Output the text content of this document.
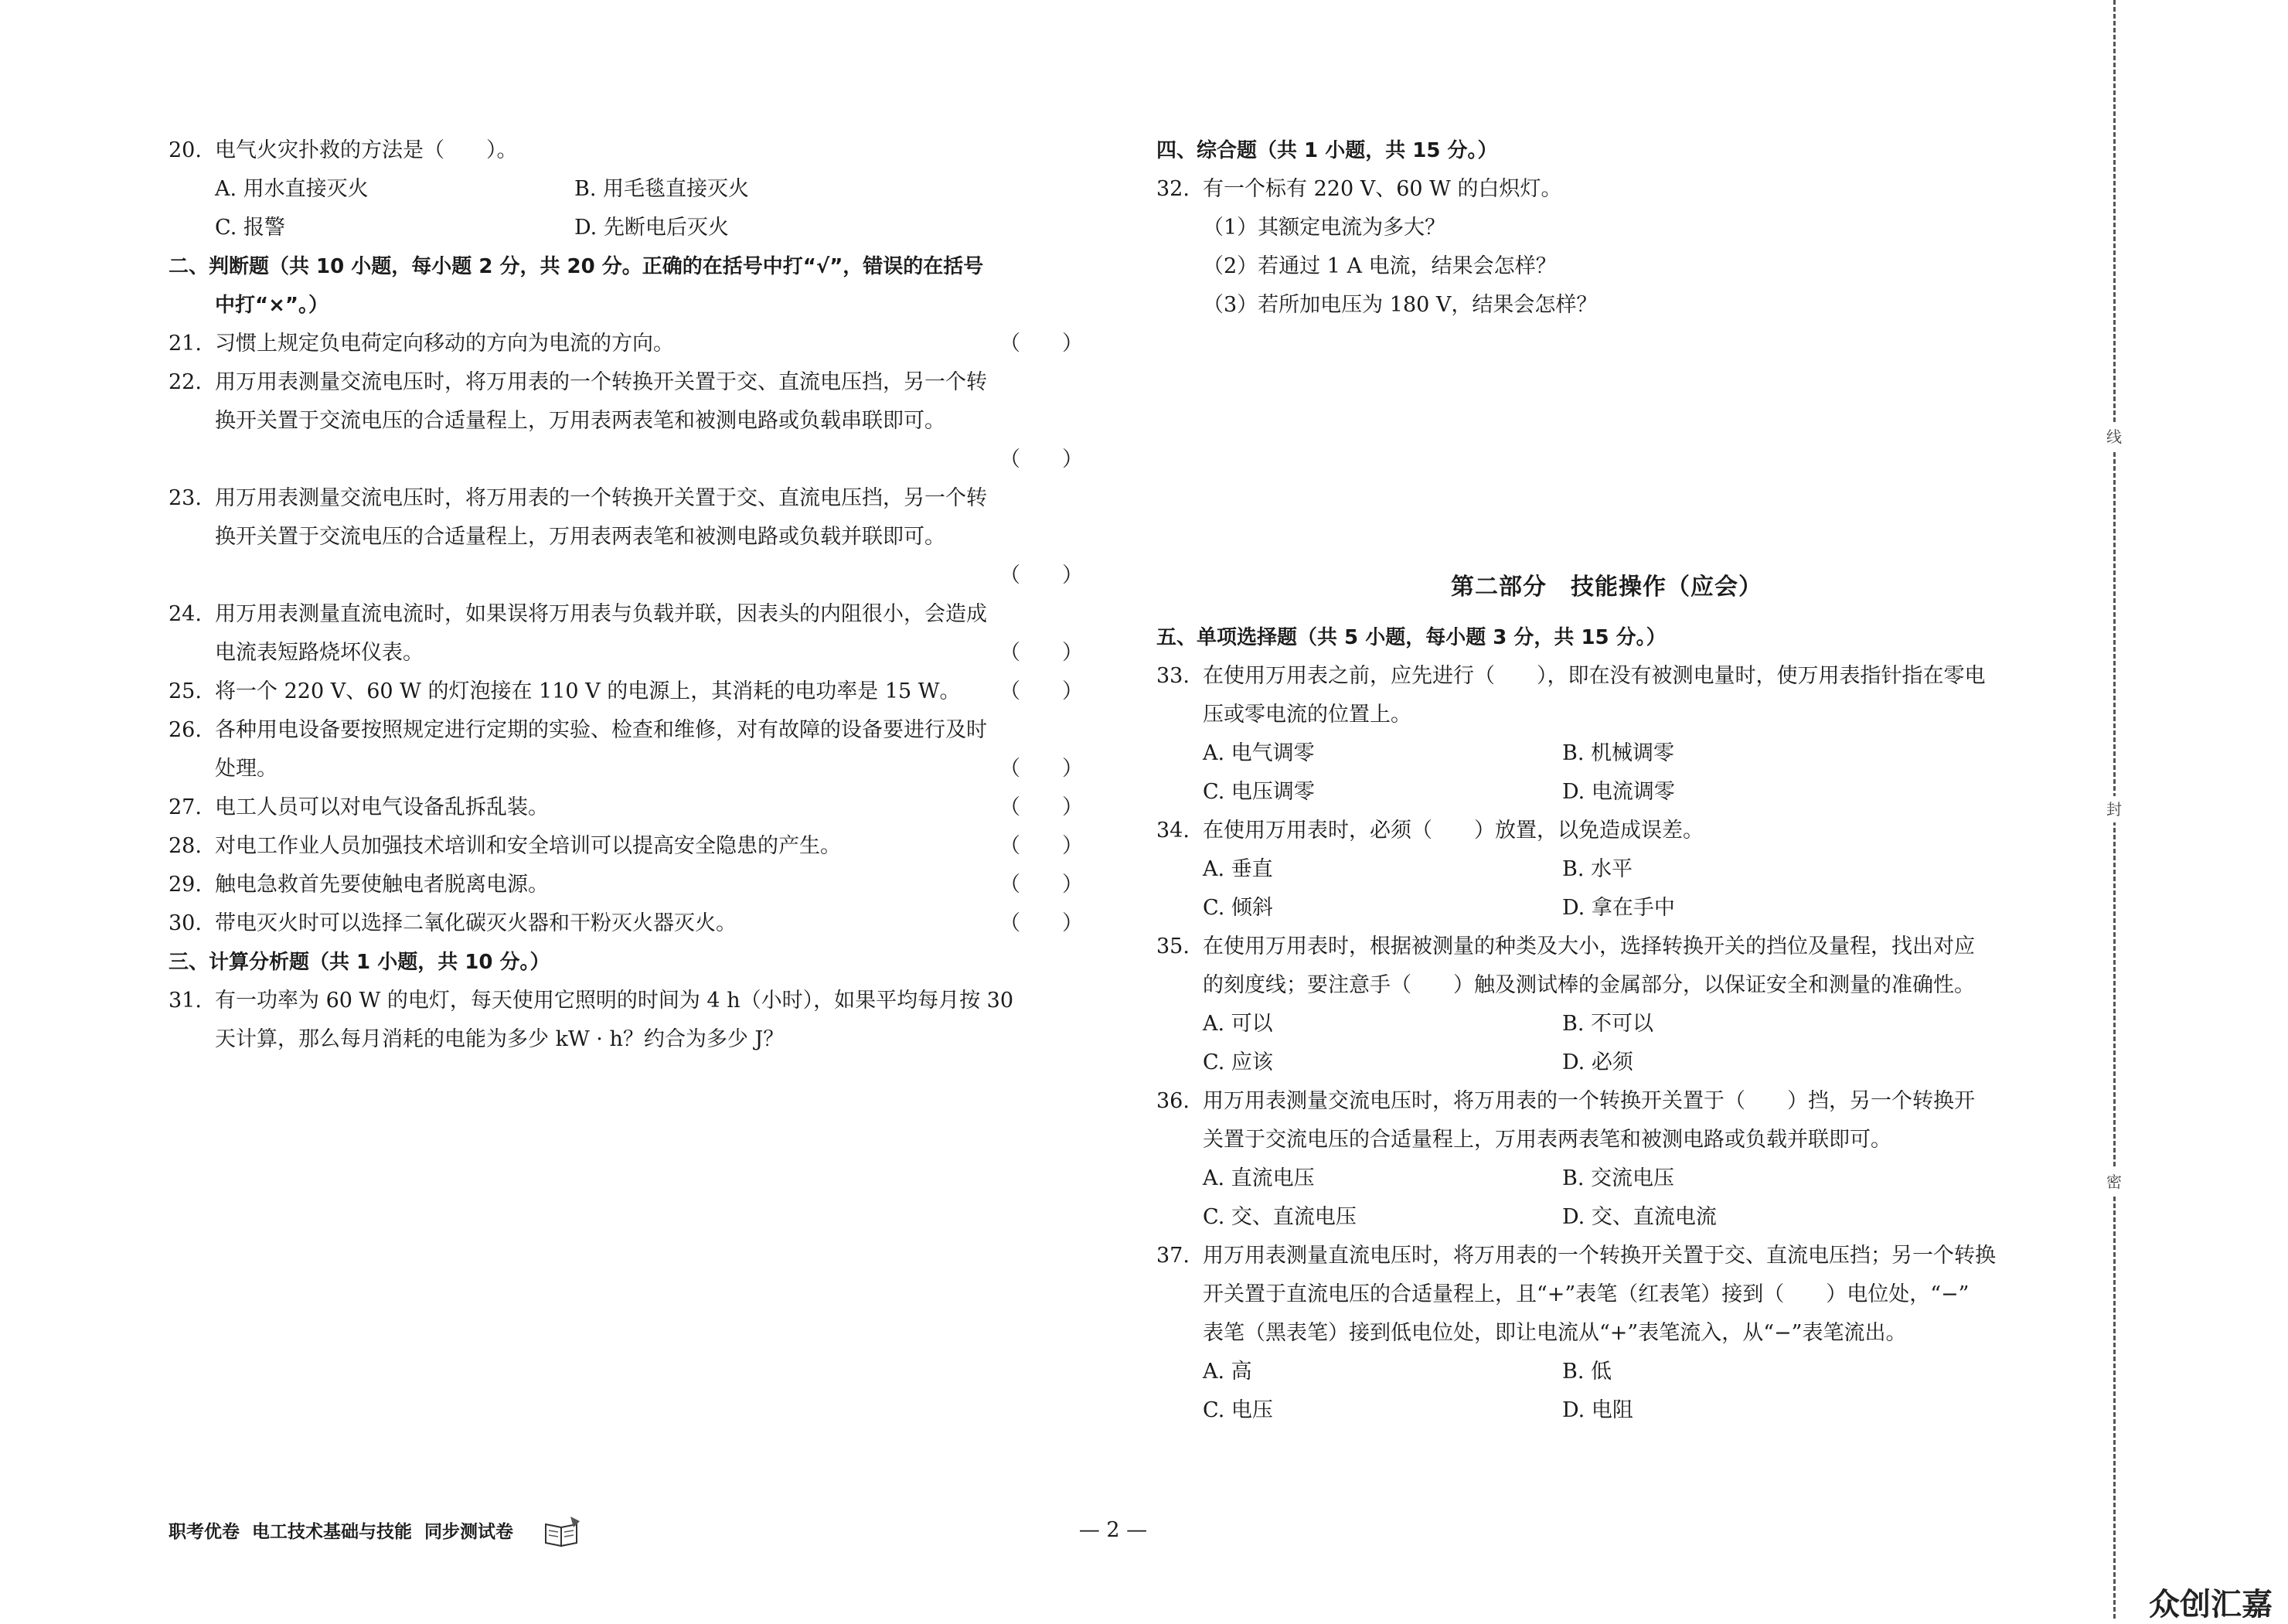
20. 电气火灾扑救的方法是（　　）。
A. 用水直接灭火	B. 用毛毯直接灭火
C. 报警	D. 先断电后灭火
二、判断题（共 10 小题，每小题 2 分，共 20 分。正确的在括号中打“√”，错误的在括号
中打“×”。）
21. 习惯上规定负电荷定向移动的方向为电流的方向。	（　　）
22. 用万用表测量交流电压时，将万用表的一个转换开关置于交、直流电压挡，另一个转
换开关置于交流电压的合适量程上，万用表两表笔和被测电路或负载串联即可。
（　　）
23. 用万用表测量交流电压时，将万用表的一个转换开关置于交、直流电压挡，另一个转
换开关置于交流电压的合适量程上，万用表两表笔和被测电路或负载并联即可。
（　　）
24. 用万用表测量直流电流时，如果误将万用表与负载并联，因表头的内阻很小，会造成
电流表短路烧坏仪表。	（　　）
25. 将一个 220 V、60 W 的灯泡接在 110 V 的电源上，其消耗的电功率是 15 W。 （　　）
26. 各种用电设备要按照规定进行定期的实验、检查和维修，对有故障的设备要进行及时
处理。	（　　）
27. 电工人员可以对电气设备乱拆乱装。	（　　）
28. 对电工作业人员加强技术培训和安全培训可以提高安全隐患的产生。	（　　）
29. 触电急救首先要使触电者脱离电源。	（　　）
30. 带电灭火时可以选择二氧化碳灭火器和干粉灭火器灭火。	（　　）
三、计算分析题（共 1 小题，共 10 分。）
31. 有一功率为 60 W 的电灯，每天使用它照明的时间为 4 h（小时），如果平均每月按 30
天计算，那么每月消耗的电能为多少 kW · h？约合为多少 J？
四、综合题（共 1 小题，共 15 分。）
32. 有一个标有 220 V、60 W 的白炽灯。
（1）其额定电流为多大？
（2）若通过 1 A 电流，结果会怎样？
（3）若所加电压为 180 V，结果会怎样？
第二部分　技能操作（应会）
五、单项选择题（共 5 小题，每小题 3 分，共 15 分。）
33. 在使用万用表之前，应先进行（　　），即在没有被测电量时，使万用表指针指在零电
压或零电流的位置上。
A. 电气调零	B. 机械调零
C. 电压调零	D. 电流调零
34. 在使用万用表时，必须（　　）放置，以免造成误差。
A. 垂直	B. 水平
C. 倾斜	D. 拿在手中
35. 在使用万用表时，根据被测量的种类及大小，选择转换开关的挡位及量程，找出对应
的刻度线；要注意手（　　）触及测试棒的金属部分，以保证安全和测量的准确性。
A. 可以	B. 不可以
C. 应该	D. 必须
36. 用万用表测量交流电压时，将万用表的一个转换开关置于（　　）挡，另一个转换开
关置于交流电压的合适量程上，万用表两表笔和被测电路或负载并联即可。
A. 直流电压	B. 交流电压
C. 交、直流电压	D. 交、直流电流
37. 用万用表测量直流电压时，将万用表的一个转换开关置于交、直流电压挡；另一个转换
开关置于直流电压的合适量程上，且“+”表笔（红表笔）接到（　　）电位处，“−”
表笔（黑表笔）接到低电位处，即让电流从“+”表笔流入，从“−”表笔流出。
A. 高	B. 低
C. 电压	D. 电阻
线
封
密
职考优卷 电工技术基础与技能 同步测试卷	— 2 —
众创汇嘉
